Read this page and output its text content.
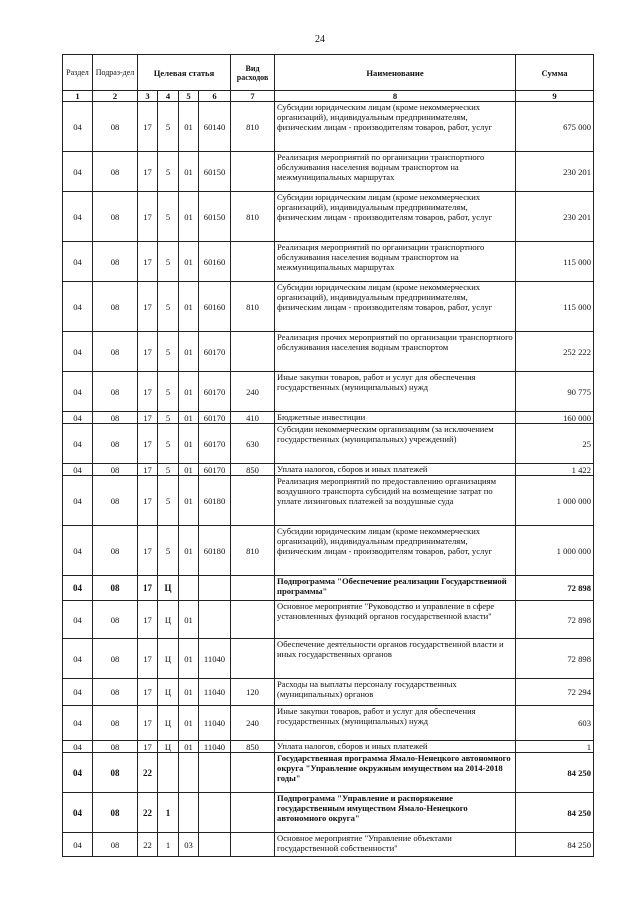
24
Раздел	Подраз-дел	Целевая статья				Вид расходов	Наименование	Сумма
1	2	3	4	5	6	7	8	9
04	08	17	5	01	60140	810	Субсидии юридическим лицам (кроме некоммерческих организаций), индивидуальным предпринимателям, физическим лицам - производителям товаров, работ, услуг	675 000
04	08	17	5	01	60150		Реализация мероприятий по организации транспортного обслуживания населения водным транспортом на межмуниципальных маршрутах	230 201
04	08	17	5	01	60150	810	Субсидии юридическим лицам (кроме некоммерческих организаций), индивидуальным предпринимателям, физическим лицам - производителям товаров, работ, услуг	230 201
04	08	17	5	01	60160		Реализация мероприятий по организации транспортного обслуживания населения водным транспортом на межмуниципальных маршрутах	115 000
04	08	17	5	01	60160	810	Субсидии юридическим лицам (кроме некоммерческих организаций), индивидуальным предпринимателям, физическим лицам - производителям товаров, работ, услуг	115 000
04	08	17	5	01	60170		Реализация прочих мероприятий по организации транспортного обслуживания населения водным транспортом	252 222
04	08	17	5	01	60170	240	Иные закупки товаров, работ и услуг для обеспечения государственных (муниципальных) нужд	90 775
04	08	17	5	01	60170	410	Бюджетные инвестиции	160 000
04	08	17	5	01	60170	630	Субсидии некоммерческим организациям (за исключением государственных (муниципальных) учреждений)	25
04	08	17	5	01	60170	850	Уплата налогов, сборов и иных платежей	1 422
04	08	17	5	01	60180		Реализация мероприятий по предоставлению организациям воздушного транспорта субсидий на возмещение затрат по уплате лизинговых платежей за воздушные суда	1 000 000
04	08	17	5	01	60180	810	Субсидии юридическим лицам (кроме некоммерческих организаций), индивидуальным предпринимателям, физическим лицам - производителям товаров, работ, услуг	1 000 000
04	08	17	Ц				Подпрограмма "Обеспечение реализации Государственной программы"	72 898
04	08	17	Ц	01			Основное мероприятие "Руководство и управление в сфере установленных функций органов государственной власти"	72 898
04	08	17	Ц	01	11040		Обеспечение деятельности органов государственной власти и иных государственных органов	72 898
04	08	17	Ц	01	11040	120	Расходы на выплаты персоналу государственных (муниципальных) органов	72 294
04	08	17	Ц	01	11040	240	Иные закупки товаров, работ и услуг для обеспечения государственных (муниципальных) нужд	603
04	08	17	Ц	01	11040	850	Уплата налогов, сборов и иных платежей	1
04	08	22					Государственная программа Ямало-Ненецкого автономного округа "Управление окружным имуществом на 2014-2018 годы"	84 250
04	08	22	1				Подпрограмма "Управление и распоряжение государственным имуществом Ямало-Ненецкого автономного округа"	84 250
04	08	22	1	03			Основное мероприятие "Управление объектами государственной собственности"	84 250
